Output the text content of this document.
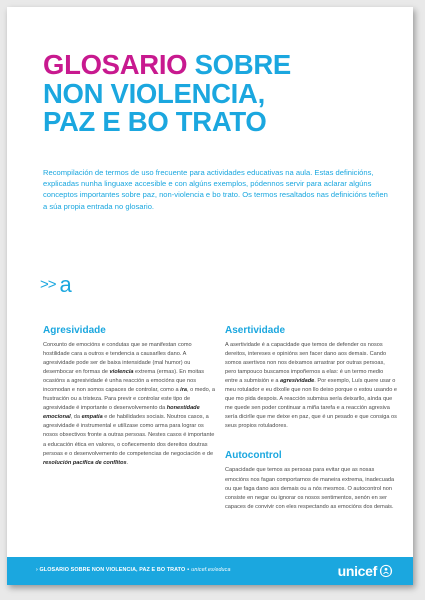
GLOSARIO SOBRE
NON VIOLENCIA,
PAZ E BO TRATO

Recompilación de termos de uso frecuente para actividades educativas na aula. Estas definicións, explicadas nunha linguaxe accesible e con algúns exemplos, pódennos servir para aclarar algúns conceptos importantes sobre paz, non-violencia e bo trato. Os termos resaltados nas definicións teñen a súa propia entrada no glosario.

>> a
Agresividade

Conxunto de emocións e condutas que se manifestan como hostilidade cara a outros e tendencia a causarlles dano. A agresividade pode ser de baixa intensidade (mal humor) ou desembocar en formas de violencia extrema (ermas). En moitas ocasións a agresividade é unha reacción a emocións que nos incomodan e non somos capaces de controlar, como a ira, o medo, a frustración ou a tristeza. Para previr e controlar este tipo de agresividade é importante o desenvolvemento da honestidade emocional, da empatía e de habilidades sociais. Noutros casos, a agresividade é instrumental e utilízase como arma para lograr os nosos obxectivos fronte a outras persoas. Nestes casos é importante a educación ética en valores, o coñecemento dos dereitos doutras persoas e o desenvolvemento de competencias de negociación e de resolución pacífica de conflitos.

Asertividade

A asertividade é a capacidade que temos de defender os nosos dereitos, intereses e opinións sen facer dano aos demais. Cando somos asertivos non nos deixamos arrastrar por outras persoas, pero tampouco buscamos impoñernos a elas: é un termo medio entre a submisión e a agresividade. Por exemplo, Luís quere usar o meu rotulador e eu díxolle que non llo deixo porque o estou usando e que mo pida despois. A reacción submisa sería deixarllo, aínda que me quede sen poder continuar a miña tarefa e a reacción agresiva sería dicirlle que me deixe en paz, que é un pesado e que consiga os seus propios rotuladores.

Autocontrol

Capacidade que temos as persoas para evitar que as nosas emocións nos fagan comportarnos de maneira extrema, inadecuada ou que faga dano aos demais ou a nós mesmos. O autocontrol non consiste en negar ou ignorar os nosos sentimentos, senón en ser capaces de convivir con eles respectando as emocións dos demais.

› GLOSARIO SOBRE NON VIOLENCIA, PAZ E BO TRATO • unicef.es/educa	unicef
